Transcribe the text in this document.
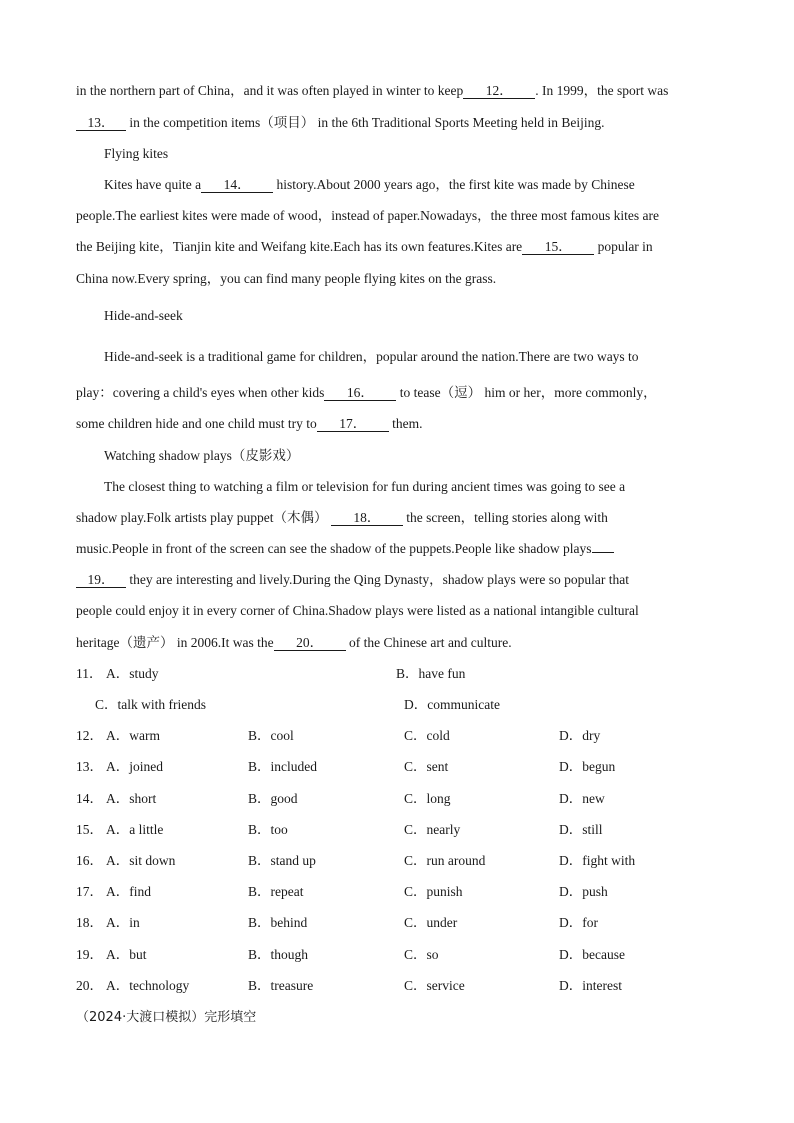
in the northern part of China，and it was often played in winter to keep 12． . In 1999，the sport was
13． in the competition items（项目） in the 6th Traditional Sports Meeting held in Beijing.
Flying kites
Kites have quite a 14． history.About 2000 years ago，the first kite was made by Chinese
people.The earliest kites were made of wood，instead of paper.Nowadays，the three most famous kites are
the Beijing kite，Tianjin kite and Weifang kite.Each has its own features.Kites are 15． popular in
China now.Every spring，you can find many people flying kites on the grass.
Hide-and-seek
Hide-and-seek is a traditional game for children，popular around the nation.There are two ways to
play：covering a child's eyes when other kids 16． to tease（逗） him or her，more commonly，
some children hide and one child must try to 17． them.
Watching shadow plays（皮影戏）
The closest thing to watching a film or television for fun during ancient times was going to see a
shadow play.Folk artists play puppet（木偶） 18． the screen，telling stories along with
music.People in front of the screen can see the shadow of the puppets.People like shadow plays
19． they are interesting and lively.During the Qing Dynasty，shadow plays were so popular that
people could enjoy it in every corner of China.Shadow plays were listed as a national intangible cultural
heritage（遗产） in 2006.It was the 20． of the Chinese art and culture.
11． A．study	B．have fun
C．talk with friends	D．communicate
12． A．warm	B．cool	C．cold	D．dry
13． A．joined	B．included	C．sent	D．begun
14． A．short	B．good	C．long	D．new
15． A．a little	B．too	C．nearly	D．still
16． A．sit down	B．stand up	C．run around	D．fight with
17． A．find	B．repeat	C．punish	D．push
18． A．in	B．behind	C．under	D．for
19． A．but	B．though	C．so	D．because
20． A．technology	B．treasure	C．service	D．interest
（2024·大渡口模拟）完形填空
